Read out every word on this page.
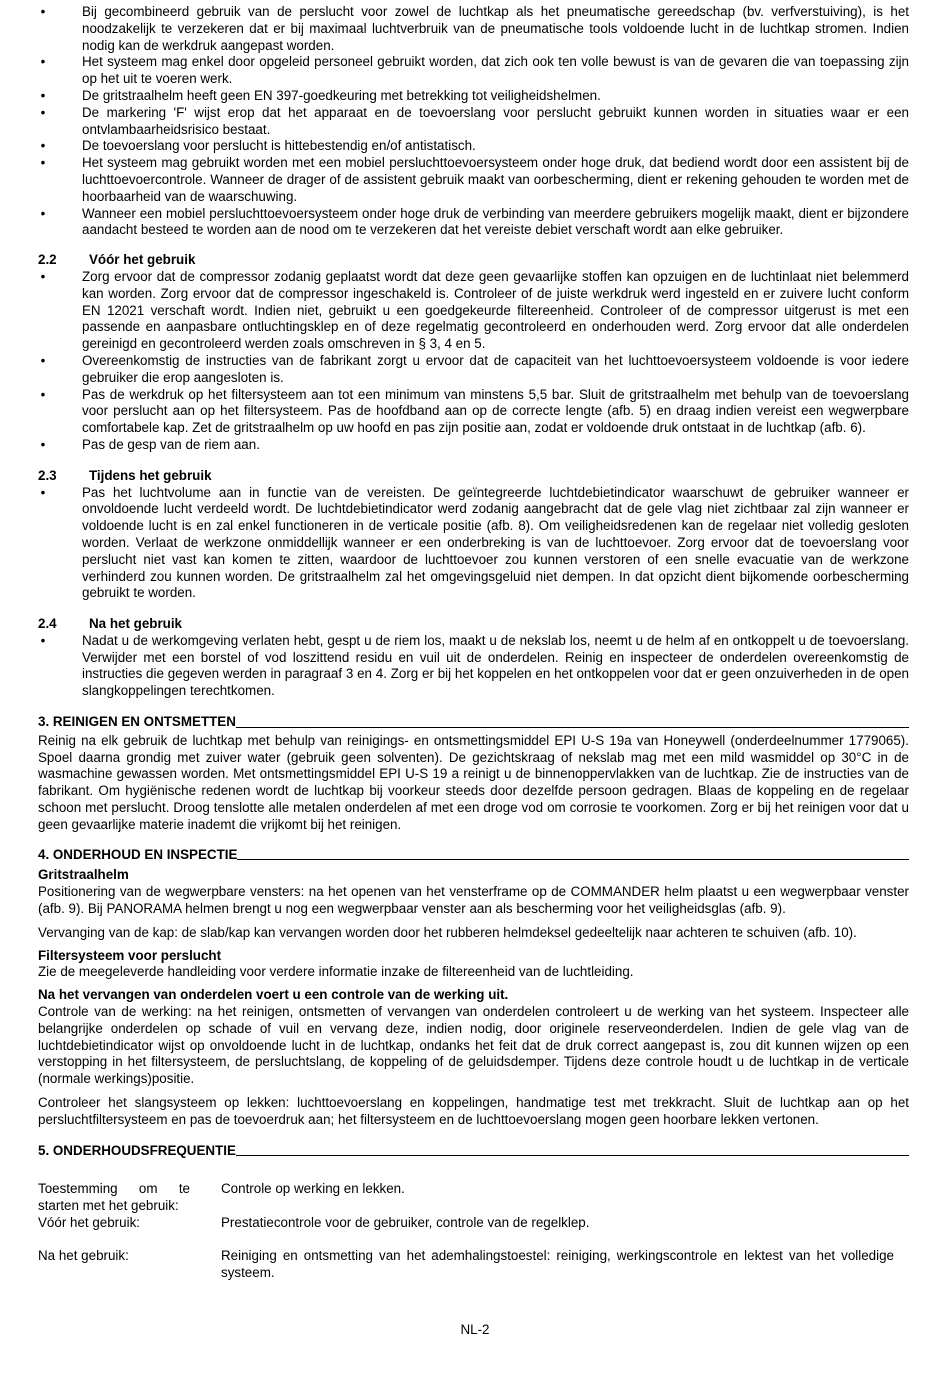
•	Bij gecombineerd gebruik van de perslucht voor zowel de luchtkap als het pneumatische gereedschap (bv. verfverstuiving), is het noodzakelijk te verzekeren dat er bij maximaal luchtverbruik van de pneumatische tools voldoende lucht in de luchtkap stromen. Indien nodig kan de werkdruk aangepast worden.
•	Het systeem mag enkel door opgeleid personeel gebruikt worden, dat zich ook ten volle bewust is van de gevaren die van toepassing zijn op het uit te voeren werk.
•	De gritstraalhelm heeft geen EN 397-goedkeuring met betrekking tot veiligheidshelmen.
•	De markering 'F' wijst erop dat het apparaat en de toevoerslang voor perslucht gebruikt kunnen worden in situaties waar er een ontvlambaarheidsrisico bestaat.
•	De toevoerslang voor perslucht is hittebestendig en/of antistatisch.
•	Het systeem mag gebruikt worden met een mobiel persluchttoevoersysteem onder hoge druk, dat bediend wordt door een assistent bij de luchttoevoercontrole. Wanneer de drager of de assistent gebruik maakt van oorbescherming, dient er rekening gehouden te worden met de hoorbaarheid van de waarschuwing.
•	Wanneer een mobiel persluchttoevoersysteem onder hoge druk de verbinding van meerdere gebruikers mogelijk maakt, dient er bijzondere aandacht besteed te worden aan de nood om te verzekeren dat het vereiste debiet verschaft wordt aan elke gebruiker.
2.2 Vóór het gebruik
•	Zorg ervoor dat de compressor zodanig geplaatst wordt dat deze geen gevaarlijke stoffen kan opzuigen en de luchtinlaat niet belemmerd kan worden. Zorg ervoor dat de compressor ingeschakeld is. Controleer of de juiste werkdruk werd ingesteld en er zuivere lucht conform EN 12021 verschaft wordt. Indien niet, gebruikt u een goedgekeurde filtereenheid. Controleer of de compressor uitgerust is met een passende en aanpasbare ontluchtingsklep en of deze regelmatig gecontroleerd en onderhouden werd. Zorg ervoor dat alle onderdelen gereinigd en gecontroleerd werden zoals omschreven in § 3, 4 en 5.
•	Overeenkomstig de instructies van de fabrikant zorgt u ervoor dat de capaciteit van het luchttoevoersysteem voldoende is voor iedere gebruiker die erop aangesloten is.
•	Pas de werkdruk op het filtersysteem aan tot een minimum van minstens 5,5 bar. Sluit de gritstraalhelm met behulp van de toevoerslang voor perslucht aan op het filtersysteem. Pas de hoofdband aan op de correcte lengte (afb. 5) en draag indien vereist een wegwerpbare comfortabele kap. Zet de gritstraalhelm op uw hoofd en pas zijn positie aan, zodat er voldoende druk ontstaat in de luchtkap (afb. 6).
•	Pas de gesp van de riem aan.
2.3 Tijdens het gebruik
•	Pas het luchtvolume aan in functie van de vereisten. De geïntegreerde luchtdebietindicator waarschuwt de gebruiker wanneer er onvoldoende lucht verdeeld wordt. De luchtdebietindicator werd zodanig aangebracht dat de gele vlag niet zichtbaar zal zijn wanneer er voldoende lucht is en zal enkel functioneren in de verticale positie (afb. 8). Om veiligheidsredenen kan de regelaar niet volledig gesloten worden. Verlaat de werkzone onmiddellijk wanneer er een onderbreking is van de luchttoevoer. Zorg ervoor dat de toevoerslang voor perslucht niet vast kan komen te zitten, waardoor de luchttoevoer zou kunnen verstoren of een snelle evacuatie van de werkzone verhinderd zou kunnen worden. De gritstraalhelm zal het omgevingsgeluid niet dempen. In dat opzicht dient bijkomende oorbescherming gebruikt te worden.
2.4 Na het gebruik
•	Nadat u de werkomgeving verlaten hebt, gespt u de riem los, maakt u de nekslab los, neemt u de helm af en ontkoppelt u de toevoerslang. Verwijder met een borstel of vod loszittend residu en vuil uit de onderdelen. Reinig en inspecteer de onderdelen overeenkomstig de instructies die gegeven werden in paragraaf 3 en 4. Zorg er bij het koppelen en het ontkoppelen voor dat er geen onzuiverheden in de open slangkoppelingen terechtkomen.
3. REINIGEN EN ONTSMETTEN

Reinig na elk gebruik de luchtkap met behulp van reinigings- en ontsmettingsmiddel EPI U-S 19a van Honeywell (onderdeelnummer 1779065). Spoel daarna grondig met zuiver water (gebruik geen solventen). De gezichtskraag of nekslab mag met een mild wasmiddel op 30°C in de wasmachine gewassen worden. Met ontsmettingsmiddel EPI U-S 19 a reinigt u de binnenoppervlakken van de luchtkap. Zie de instructies van de fabrikant. Om hygiënische redenen wordt de luchtkap bij voorkeur steeds door dezelfde persoon gedragen. Blaas de koppeling en de regelaar schoon met perslucht. Droog tenslotte alle metalen onderdelen af met een droge vod om corrosie te voorkomen. Zorg er bij het reinigen voor dat u geen gevaarlijke materie inademt die vrijkomt bij het reinigen.

4. ONDERHOUD EN INSPECTIE
Gritstraalhelm

Positionering van de wegwerpbare vensters: na het openen van het vensterframe op de COMMANDER helm plaatst u een wegwerpbaar venster (afb. 9). Bij PANORAMA helmen brengt u nog een wegwerpbaar venster aan als bescherming voor het veiligheidsglas (afb. 9).

Vervanging van de kap: de slab/kap kan vervangen worden door het rubberen helmdeksel gedeeltelijk naar achteren te schuiven (afb. 10).

Filtersysteem voor perslucht

Zie de meegeleverde handleiding voor verdere informatie inzake de filtereenheid van de luchtleiding.

Na het vervangen van onderdelen voert u een controle van de werking uit.

Controle van de werking: na het reinigen, ontsmetten of vervangen van onderdelen controleert u de werking van het systeem. Inspecteer alle belangrijke onderdelen op schade of vuil en vervang deze, indien nodig, door originele reserveonderdelen. Indien de gele vlag van de luchtdebietindicator wijst op onvoldoende lucht in de luchtkap, ondanks het feit dat de druk correct aangepast is, zou dit kunnen wijzen op een verstopping in het filtersysteem, de persluchtslang, de koppeling of de geluidsdemper. Tijdens deze controle houdt u de luchtkap in de verticale (normale werkings)positie.

Controleer het slangsysteem op lekken: luchttoevoerslang en koppelingen, handmatige test met trekkracht. Sluit de luchtkap aan op het persluchtfiltersysteem en pas de toevoerdruk aan; het filtersysteem en de luchttoevoerslang mogen geen hoorbare lekken vertonen.

5. ONDERHOUDSFREQUENTIE
Toestemming om te starten met het gebruik:	Controle op werking en lekken.
Vóór het gebruik:	Prestatiecontrole voor de gebruiker, controle van de regelklep.
Na het gebruik:	Reiniging en ontsmetting van het ademhalingstoestel: reiniging, werkingscontrole en lektest van het volledige systeem.
NL-2
